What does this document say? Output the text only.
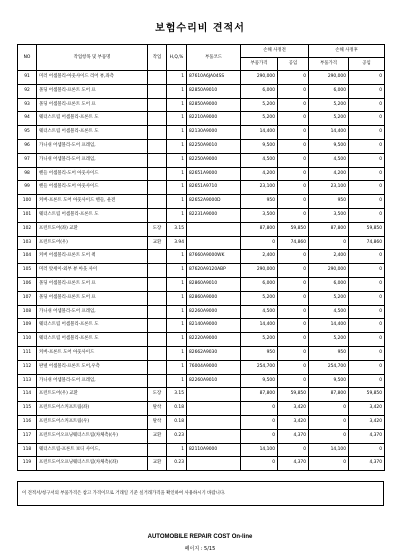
보험수리비 견적서
NO	작업항목 및 부품명	작업	H,Q,%	부품코드	손해 사정전		손해 사정후	
					부품가격	공임	부품가격	공임
91	미러 어셈블리-아웃사이드 리어 뷰,좌측		1	87610A6JA04SS	290,000	0	290,000	0
92	몰딩 어셈블리-프론트 도어 프		1	82850A9010	6,000	0	6,000	0
93	몰딩 어셈블리-프론트 도어 프		1	82850A9000	5,200	0	5,200	0
94	웨더스트립 어셈블리-프론트 도		1	82210A9000	5,200	0	5,200	0
95	웨더스트립 어셈블리-프론트 도		1	82130A9000	14,400	0	14,400	0
96	가니쉬 어셈블리-도어 프레임,		1	82250A9010	9,500	0	9,500	0
97	가니쉬 어셈블리-도어 프레임,		1	82250A9000	4,500	0	4,500	0
98	핸들 어셈블리-도어 아웃사이드		1	82651A9000	4,200	0	4,200	0
99	핸들 어셈블리-도어 아웃사이드		1	82651A9710	23,100	0	23,100	0
100	커버-프론트 도어 아웃사이드 핸들, 운전		1	82652A9000D	950	0	950	0
101	웨더스트립 어셈블리-프론트 도		1	82231A9000	3,500	0	3,500	0
102	프런트도어(좌) 교환	도장	3.15		87,800	59,850	87,800	59,850
103	프런트도어(우)	교환	3.94		0	74,860	0	74,860
104	커버 어셈블리-프론트 도어 퀵		1	87660A9000WK	2,400	0	2,400	0
105	미러 앗세이-외부 뷰 아웃 사이		1	87620A9120ABP	290,000	0	290,000	0
106	몰딩 어셈블리-프론트 도어 프		1	82860A9010	6,000	0	6,000	0
107	몰딩 어셈블리-프론트 도어 프		1	82860A9000	5,200	0	5,200	0
108	가니쉬 어셈블리-도어 프레임,		1	82260A9000	4,500	0	4,500	0
109	웨더스트립 어셈블리-프론트 도		1	82140A9000	14,400	0	14,400	0
110	웨더스트립 어셈블리-프론트 도		1	82220A9000	5,200	0	5,200	0
111	커버-프론트 도어 아웃사이드		1	82662A9030	950	0	950	0
112	판넬 어셈블리-프론트 도어,우측		1	76004A9000	254,700	0	254,700	0
113	가니쉬 어셈블리-도어 프레임,		1	82260A9010	9,500	0	9,500	0
114	프런트도어(우) 교환	도장	3.15		87,800	59,850	87,800	59,850
115	프런트도어스커프트림(좌)	탈착	0.18		0	3,420	0	3,420
116	프런트도어스커프트림(우)	탈착	0.18		0	3,420	0	3,420
117	프런트도어오프닝웨더스트립(차체측)(우)	교환	0.23		0	4,370	0	4,370
118	웨더스트립-프론트 보디 사이드,		1	82110A9000	14,100	0	14,100	0
119	프런트도어오프닝웨더스트립(차체측)(좌)	교환	0.23		0	4,370	0	4,370
이 견적서/청구서의 부품가격은 참고 가격이므로 거래일 기준 실거래가격을 확인하여 사용하시기 바랍니다.
AUTOMOBILE REPAIR COST On-line
페이지 : 5/15
